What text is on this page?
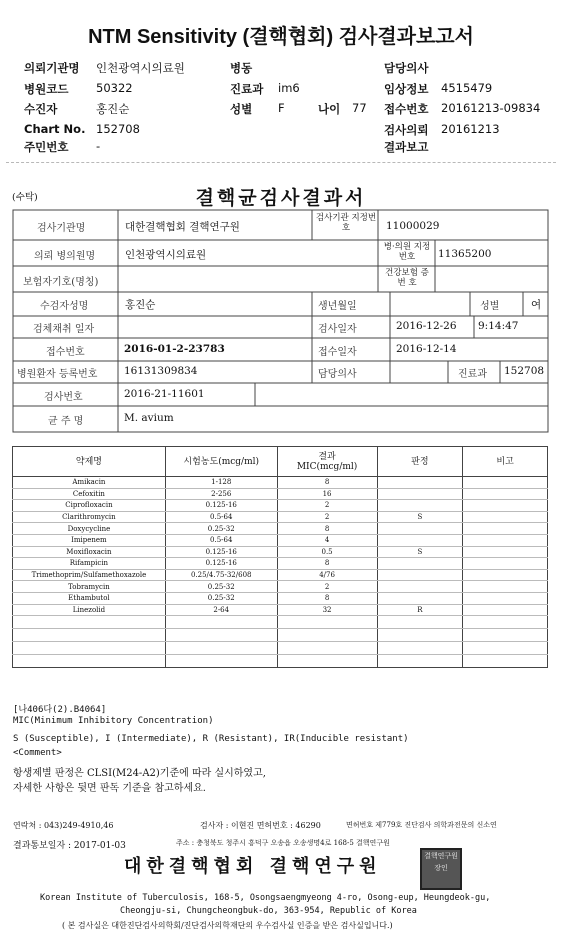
NTM Sensitivity (결핵협회) 검사결과보고서
의뢰기관명 인천광역시의료원	병동	담당의사
병원코드 50322	진료과 im6	임상정보 4515479
수진자	홍진순	성별 F	나이 77 접수번호 20161213-09834
Chart No. 152708	검사의뢰 20161213
주민번호 -	결과보고
(수탁)	결핵균검사결과서
검사기관명	대한결핵협회 결핵연구원
검사기관 지정번호	11000029
의뢰 병의원명	인천광역시의료원
병·의원 지정번호	11365200
보험자기호(명칭)
건강보험 증 번 호
수검자성명	홍진순	생년월일	성별	여
검체채취 일자	검사일자	2016-12-26 9:14:47
접수번호	2016-01-2-23783	접수일자	2016-12-14
병원환자 등록번호	16131309834	담당의사	진료과 152708
검사번호	2016-21-11601
균 주 명	M. avium
약제명	시험농도(mcg/ml)	결과 MIC(mcg/ml)	판정	비고
Amikacin	1-128	8		
Cefoxitin	2-256	16		
Ciprofloxacin	0.125-16	2		
Clarithromycin	0.5-64	2	S	
Doxycycline	0.25-32	8		
Imipenem	0.5-64	4		
Moxifloxacin	0.125-16	0.5	S	
Rifampicin	0.125-16	8		
Trimethoprim/Sulfamethoxazole	0.25/4.75-32/608	4/76		
Tobramycin	0.25-32	2		
Ethambutol	0.25-32	8		
Linezolid	2-64	32	R	

[나406다(2).B4064]
MIC(Minimum Inhibitory Concentration)
S (Susceptible), I (Intermediate), R (Resistant), IR(Inducible resistant)
<Comment>
항생제별 판정은 CLSI(M24-A2)기준에 따라 실시하였고,
자세한 사항은 뒷면 판독 기준을 참고하세요.
연락처 : 043)249-4910,46	검사자 : 이현진 면허번호 : 46290	면허번호 제779호 진단검사 의학과전문의 신소연
결과통보일자 : 2017-01-03	주소 : 충청북도 청주시 흥덕구 오송읍 오송생명4로 168-5 결핵연구원
대한결핵협회 결핵연구원	결핵연구원장인
Korean Institute of Tuberculosis, 168-5, Osongsaengmyeong 4-ro, Osong-eup, Heungdeok-gu,
Cheongju-si, Chungcheongbuk-do, 363-954, Republic of Korea
( 본 검사실은 대한진단검사의학회/진단검사의학재단의 우수검사실 인증을 받은 검사실입니다.)
